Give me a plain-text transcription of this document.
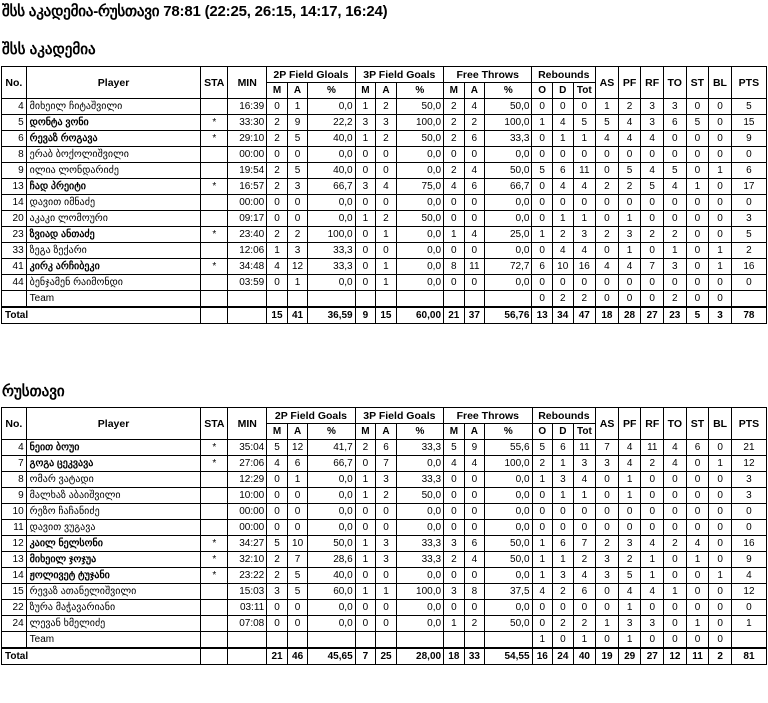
შსს აკადემია-რუსთავი 78:81 (22:25, 26:15, 14:17, 16:24)
შსს აკადემია
No.	Player	STA	MIN	2P Field Gloals			3P Field Goals			Free Throws			Rebounds			AS	PF	RF	TO	ST	BL	PTS
				M	A	%	M	A	%	M	A	%	O	D	Tot							
4	მიხეილ ჩიტაშვილი		16:39	0	1	0,0	1	2	50,0	2	4	50,0	0	0	0	1	2	3	3	0	0	5
5	დონტა ვონი	*	33:30	2	9	22,2	3	3	100,0	2	2	100,0	1	4	5	5	4	3	6	5	0	15
6	რევაზ როგავა	*	29:10	2	5	40,0	1	2	50,0	2	6	33,3	0	1	1	4	4	4	0	0	0	9
8	ერაბ ბოქოლიშვილი		00:00	0	0	0,0	0	0	0,0	0	0	0,0	0	0	0	0	0	0	0	0	0	0
9	ილია ლონდარიძე		19:54	2	5	40,0	0	0	0,0	2	4	50,0	5	6	11	0	5	4	5	0	1	6
13	ჩად პრეიტი	*	16:57	2	3	66,7	3	4	75,0	4	6	66,7	0	4	4	2	2	5	4	1	0	17
14	დავით იმნაძე		00:00	0	0	0,0	0	0	0,0	0	0	0,0	0	0	0	0	0	0	0	0	0	0
20	აკაკი ლომოური		09:17	0	0	0,0	1	2	50,0	0	0	0,0	0	1	1	0	1	0	0	0	0	3
23	ზვიად ანთაძე	*	23:40	2	2	100,0	0	1	0,0	1	4	25,0	1	2	3	2	3	2	2	0	0	5
33	ზეგა ზექარი		12:06	1	3	33,3	0	0	0,0	0	0	0,0	0	4	4	0	1	0	1	0	1	2
41	კირკ არჩიბეკი	*	34:48	4	12	33,3	0	1	0,0	8	11	72,7	6	10	16	4	4	7	3	0	1	16
44	ბენჯამენ რაიმონდი		03:59	0	1	0,0	0	1	0,0	0	0	0,0	0	0	0	0	0	0	0	0	0	0
	Team												0	2	2	0	0	0	2	0	0	
Total				15	41	36,59	9	15	60,00	21	37	56,76	13	34	47	18	28	27	23	5	3	78
რუსთავი
No.	Player	STA	MIN	2P Field Goals			3P Field Goals			Free Throws			Rebounds			AS	PF	RF	TO	ST	BL	PTS
				M	A	%	M	A	%	M	A	%	O	D	Tot							
4	ნეით ბოუი	*	35:04	5	12	41,7	2	6	33,3	5	9	55,6	5	6	11	7	4	11	4	6	0	21
7	გოგა ცეკვავა	*	27:06	4	6	66,7	0	7	0,0	4	4	100,0	2	1	3	3	4	2	4	0	1	12
8	ომარ ვატადი		12:29	0	1	0,0	1	3	33,3	0	0	0,0	1	3	4	0	1	0	0	0	0	3
9	მალხაზ აბაიშვილი		10:00	0	0	0,0	1	2	50,0	0	0	0,0	0	1	1	0	1	0	0	0	0	3
10	რეზო ჩაჩანიძე		00:00	0	0	0,0	0	0	0,0	0	0	0,0	0	0	0	0	0	0	0	0	0	0
11	დავით ვუგავა		00:00	0	0	0,0	0	0	0,0	0	0	0,0	0	0	0	0	0	0	0	0	0	0
12	კაილ ნელსონი	*	34:27	5	10	50,0	1	3	33,3	3	6	50,0	1	6	7	2	3	4	2	4	0	16
13	მიხეილ ჯოჯუა	*	32:10	2	7	28,6	1	3	33,3	2	4	50,0	1	1	2	3	2	1	0	1	0	9
14	ჟოლივეტ ტუჯანი	*	23:22	2	5	40,0	0	0	0,0	0	0	0,0	1	3	4	3	5	1	0	0	1	4
15	რევაზ ათანელიშვილი		15:03	3	5	60,0	1	1	100,0	3	8	37,5	4	2	6	0	4	4	1	0	0	12
22	ზურა მაჭავარიანი		03:11	0	0	0,0	0	0	0,0	0	0	0,0	0	0	0	0	1	0	0	0	0	0
24	ლევან ხმელიძე		07:08	0	0	0,0	0	0	0,0	1	2	50,0	0	2	2	1	3	3	0	1	0	1
	Team												1	0	1	0	1	0	0	0	0	
Total				21	46	45,65	7	25	28,00	18	33	54,55	16	24	40	19	29	27	12	11	2	81
